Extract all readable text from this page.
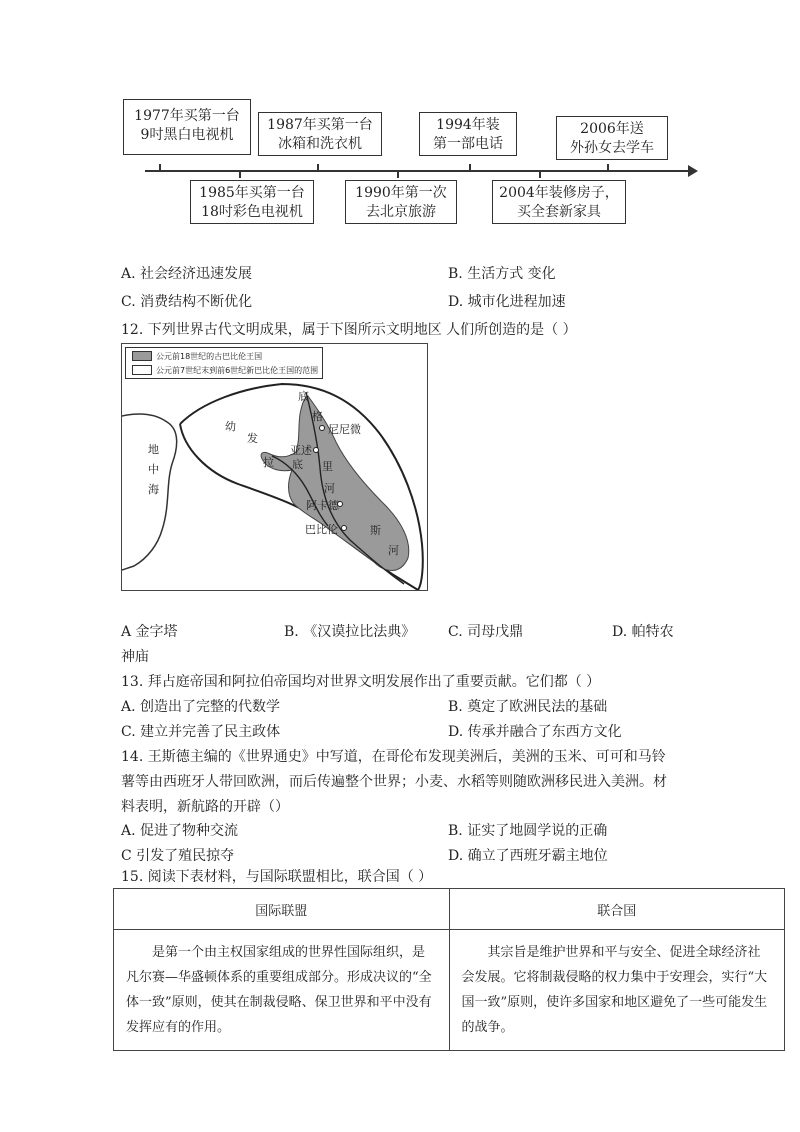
1977年买第一台
9吋黑白电视机
1987年买第一台
冰箱和洗衣机
1994年装
第一部电话
2006年送
外孙女去学车
1985年买第一台
18吋彩色电视机
1990年第一次
去北京旅游
2004年装修房子，
买全套新家具
A. 社会经济迅速发展	B. 生活方式 变化
C. 消费结构不断优化	D. 城市化进程加速
12. 下列世界古代文明成果，属于下图所示文明地区 人们所创造的是（ ）
公元前18世纪的古巴比伦王国
公元前7世纪末到前6世纪新巴比伦王国的范围
地
中
海
幼
发
拉 底
底
格
里
斯
河
河
尼尼微
亚述
阿卡德
巴比伦
A 金字塔	B. 《汉谟拉比法典》 C. 司母戊鼎	D. 帕特农
神庙
13. 拜占庭帝国和阿拉伯帝国均对世界文明发展作出了重要贡献。它们都（ ）
A. 创造出了完整的代数学	B. 奠定了欧洲民法的基础
C. 建立并完善了民主政体	D. 传承并融合了东西方文化
14. 王斯德主编的《世界通史》中写道，在哥伦布发现美洲后，美洲的玉米、可可和马铃
薯等由西班牙人带回欧洲，而后传遍整个世界；小麦、水稻等则随欧洲移民进入美洲。材
料表明，新航路的开辟（）
A. 促进了物种交流	B. 证实了地圆学说的正确
C 引发了殖民掠夺	D. 确立了西班牙霸主地位
15. 阅读下表材料，与国际联盟相比，联合国（ ）
国际联盟	联合国
是第一个由主权国家组成的世界性国际组织，是凡尔赛—华盛顿体系的重要组成部分。形成决议的“全体一致”原则，使其在制裁侵略、保卫世界和平中没有发挥应有的作用。	其宗旨是维护世界和平与安全、促进全球经济社会发展。它将制裁侵略的权力集中于安理会，实行“大国一致”原则，使许多国家和地区避免了一些可能发生的战争。
